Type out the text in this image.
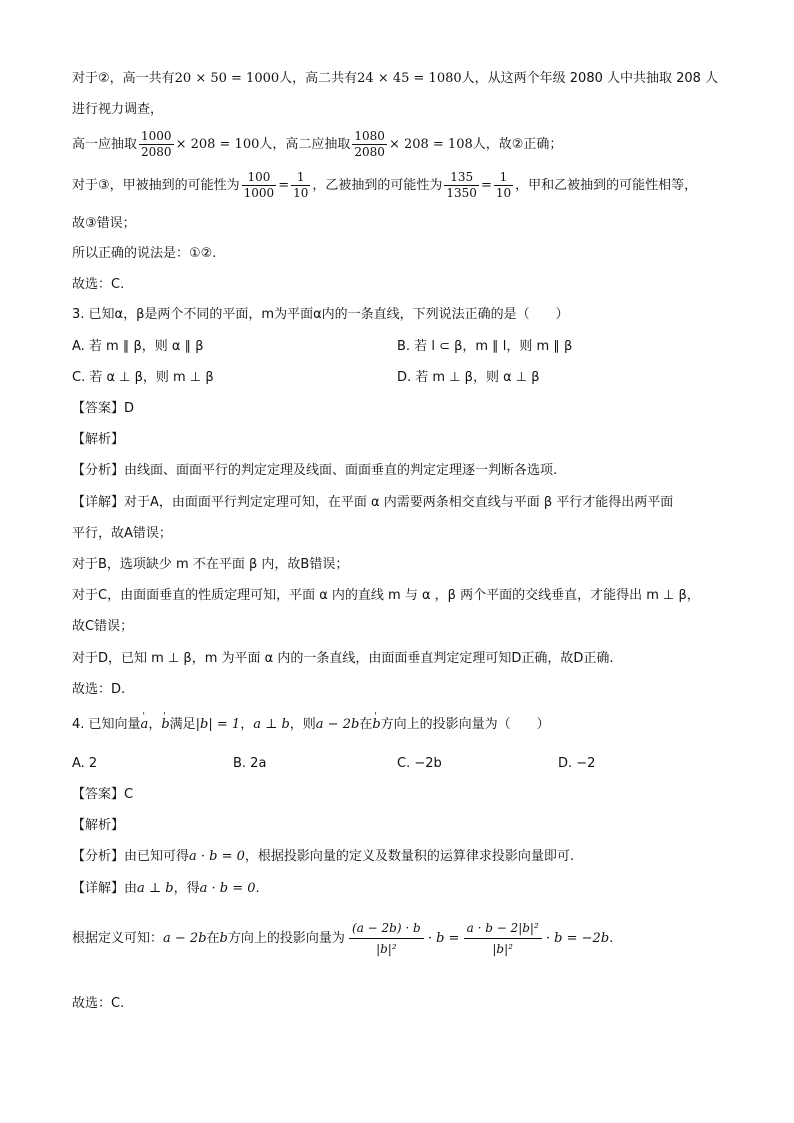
对于②，高一共有20 × 50 = 1000人，高二共有24 × 45 = 1080人，从这两个年级 2080 人中共抽取 208 人
进行视力调查，
高一应抽取 $\frac{1000}{2080} \times 208 = 100$人，高二应抽取 $\frac{1080}{2080} \times 208 = 108$人，故②正确；
对于③，甲被抽到的可能性为 $\frac{100}{1000} = \frac{1}{10}$ ，乙被抽到的可能性为 $\frac{135}{1350} = \frac{1}{10}$ ，甲和乙被抽到的可能性相等，
故③错误；
所以正确的说法是：①②.
故选：C.
3. 已知α，β是两个不同的平面，m为平面α内的一条直线，下列说法正确的是（　　）
A. 若 m ∥ β，则 α ∥ β	B. 若 l ⊂ β，m ∥ l，则 m ∥ β
C. 若 α ⊥ β，则 m ⊥ β	D. 若 m ⊥ β，则 α ⊥ β
【答案】D
【解析】
【分析】由线面、面面平行的判定定理及线面、面面垂直的判定定理逐一判断各选项.
【详解】对于A，由面面平行判定定理可知，在平面 α 内需要两条相交直线与平面 β 平行才能得出两平面
平行，故A错误；
对于B，选项缺少 m 不在平面 β 内，故B错误；
对于C，由面面垂直的性质定理可知，平面 α 内的直线 m 与 α ，β 两个平面的交线垂直，才能得出 m ⊥ β，
故C错误；
对于D，已知 m ⊥ β，m 为平面 α 内的一条直线，由面面垂直判定定理可知D正确，故D正确.
故选：D.
4. 已知向量' a，' b满足|b| = 1，a ⊥ b，则a − 2b在' b方向上的投影向量为（　　）
A. 2	B. 2a	C. −2b	D. −2
【答案】C
【解析】
【分析】由已知可得a · b = 0，根据投影向量的定义及数量积的运算律求投影向量即可.
【详解】由a ⊥ b，得a · b = 0.
根据定义可知：a − 2b在b方向上的投影向量为 $\frac{(a - 2b) \cdot b}{\text{|b|²}} \cdot b = \frac{\text{a · b − 2|b|²}}{\text{|b|²}} \cdot b = -2b$.
故选：C.
